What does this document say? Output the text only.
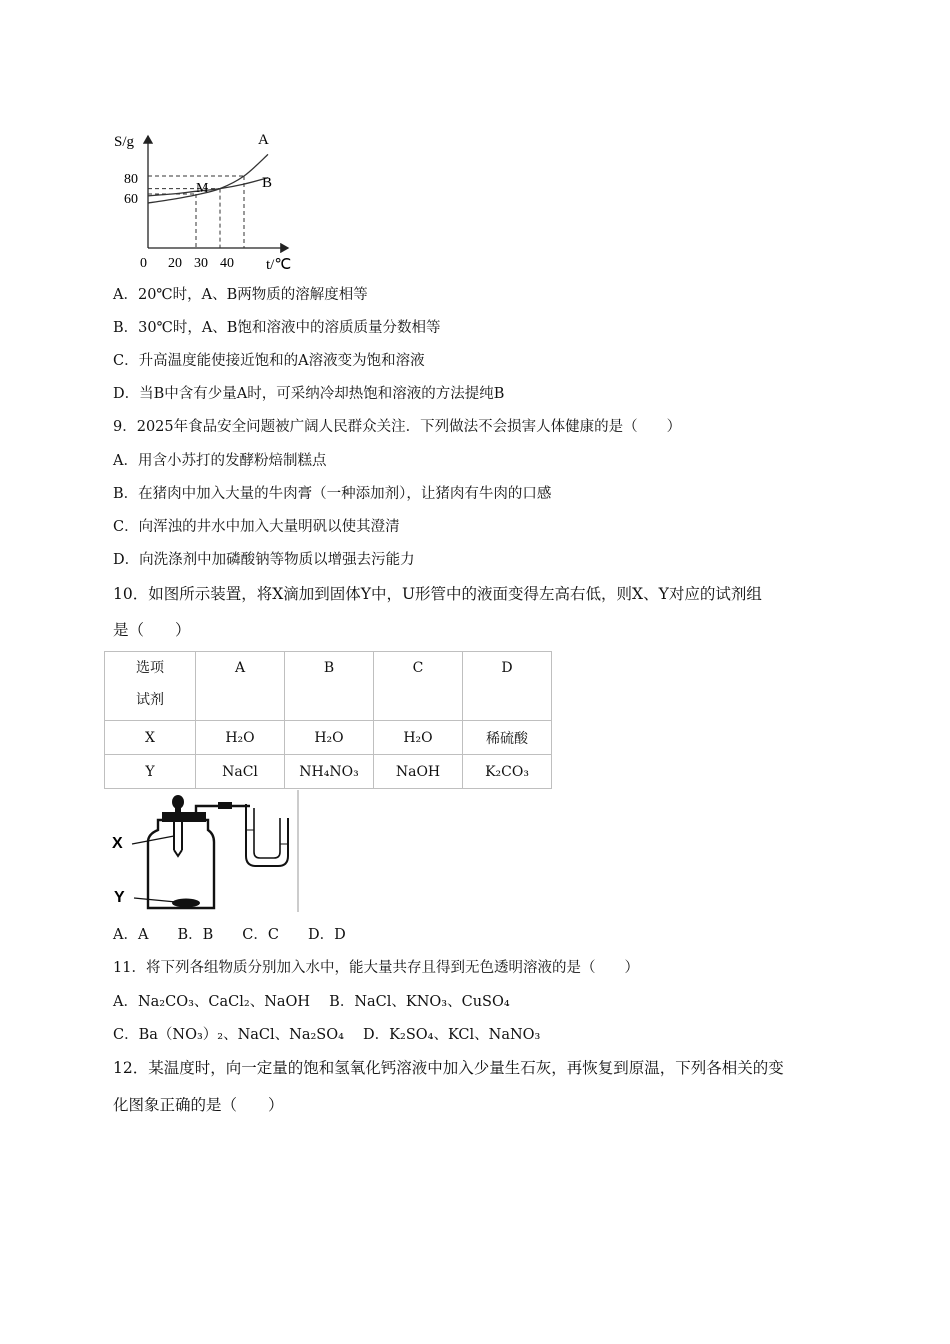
S/g
t/℃
80
60
0 20 30 40
A
B
M
A．20℃时，A、B两物质的溶解度相等
B．30℃时，A、B饱和溶液中的溶质质量分数相等
C．升高温度能使接近饱和的A溶液变为饱和溶液
D．当B中含有少量A时，可采纳冷却热饱和溶液的方法提纯B
9．2025年食品安全问题被广阔人民群众关注．下列做法不会损害人体健康的是（　　）
A．用含小苏打的发酵粉焙制糕点
B．在猪肉中加入大量的牛肉膏（一种添加剂），让猪肉有牛肉的口感
C．向浑浊的井水中加入大量明矾以使其澄清
D．向洗涤剂中加磷酸钠等物质以增强去污能力
10．如图所示装置，将X滴加到固体Y中，U形管中的液面变得左高右低，则X、Y对应的试剂组
是（　　）
选项
试剂	A	B	C	D

X	H₂O	H₂O	H₂O	稀硫酸
Y	NaCl	NH₄NO₃	NaOH	K₂CO₃
X
Y
A．A　　B．B　　C．C　　D．D
11．将下列各组物质分别加入水中，能大量共存且得到无色透明溶液的是（　　）
A．Na₂CO₃、CaCl₂、NaOH　 B．NaCl、KNO₃、CuSO₄
C．Ba（NO₃）₂、NaCl、Na₂SO₄　 D．K₂SO₄、KCl、NaNO₃
12．某温度时，向一定量的饱和氢氧化钙溶液中加入少量生石灰，再恢复到原温，下列各相关的变
化图象正确的是（　　）
